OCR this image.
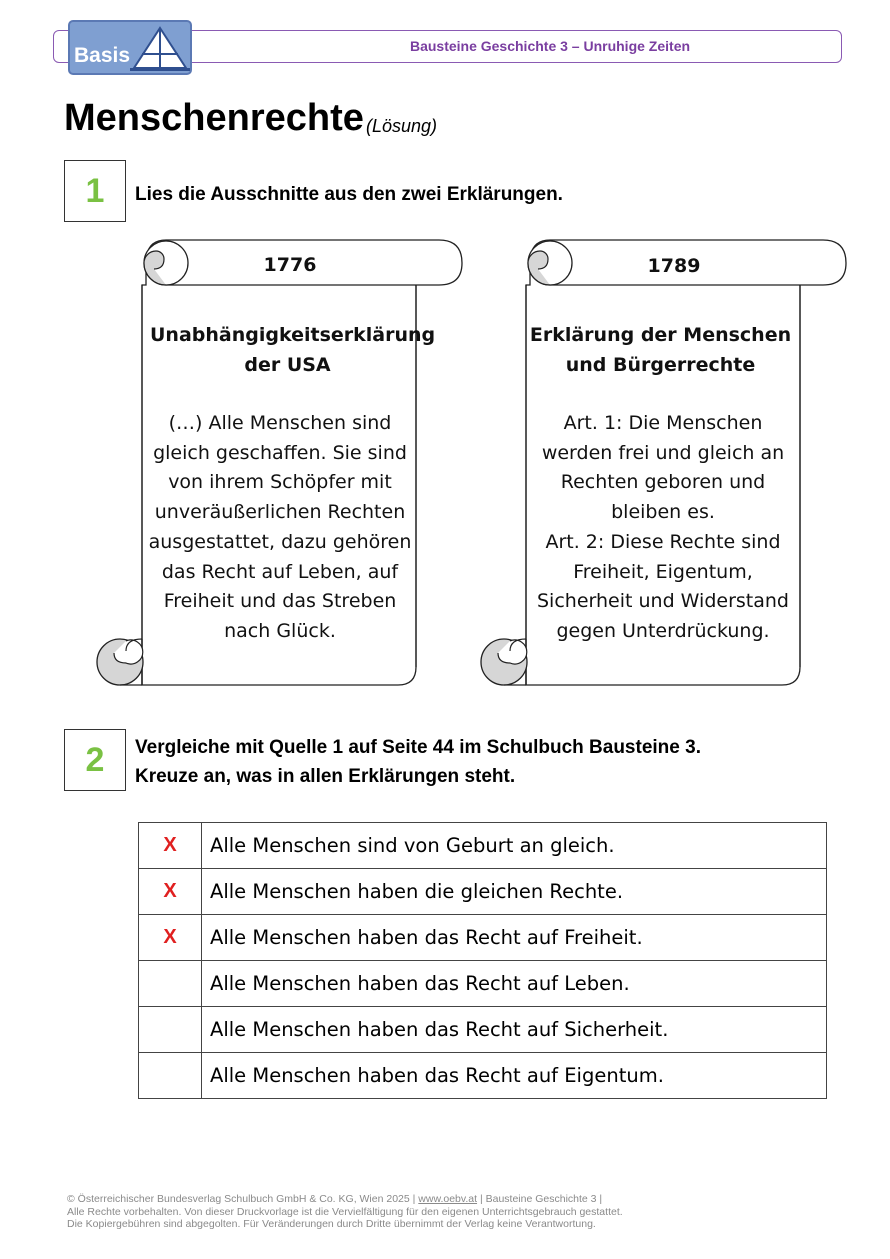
Bausteine Geschichte 3 – Unruhige Zeiten
Basis
Menschenrechte (Lösung)
1	Lies die Ausschnitte aus den zwei Erklärungen.
1776
Unabhängigkeitserklärung
der USA
(…) Alle Menschen sind
gleich geschaffen. Sie sind
von ihrem Schöpfer mit
unveräußerlichen Rechten
ausgestattet, dazu gehören
das Recht auf Leben, auf
Freiheit und das Streben
nach Glück.
1789
Erklärung der Menschen
und Bürgerrechte
Art. 1: Die Menschen
werden frei und gleich an
Rechten geboren und
bleiben es.
Art. 2: Diese Rechte sind
Freiheit, Eigentum,
Sicherheit und Widerstand
gegen Unterdrückung.
2	Vergleiche mit Quelle 1 auf Seite 44 im Schulbuch Bausteine 3.
Kreuze an, was in allen Erklärungen steht.
X	Alle Menschen sind von Geburt an gleich.
X	Alle Menschen haben die gleichen Rechte.
X	Alle Menschen haben das Recht auf Freiheit.
	Alle Menschen haben das Recht auf Leben.
	Alle Menschen haben das Recht auf Sicherheit.
	Alle Menschen haben das Recht auf Eigentum.
© Österreichischer Bundesverlag Schulbuch GmbH & Co. KG, Wien 2025 | www.oebv.at | Bausteine Geschichte 3 |
Alle Rechte vorbehalten. Von dieser Druckvorlage ist die Vervielfältigung für den eigenen Unterrichtsgebrauch gestattet.
Die Kopiergebühren sind abgegolten. Für Veränderungen durch Dritte übernimmt der Verlag keine Verantwortung.
